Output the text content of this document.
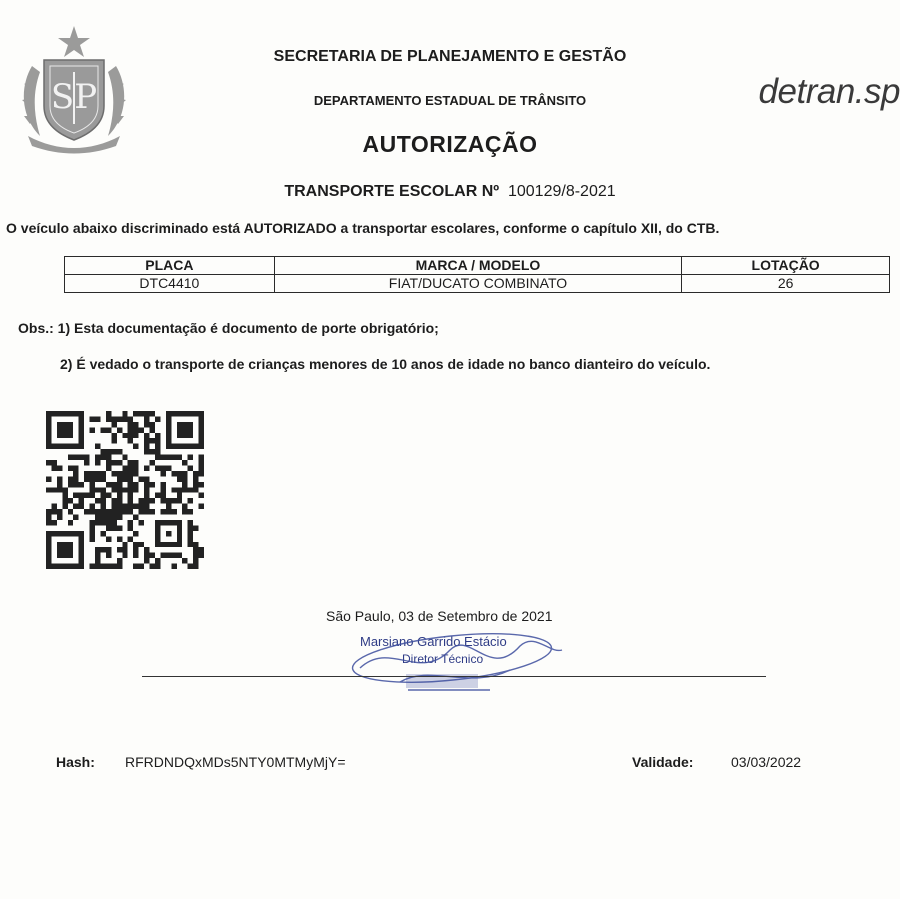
SP
SECRETARIA DE PLANEJAMENTO E GESTÃO
DEPARTAMENTO ESTADUAL DE TRÂNSITO
AUTORIZAÇÃO
detran.sp
TRANSPORTE ESCOLAR Nº 100129/8-2021
O veículo abaixo discriminado está AUTORIZADO a transportar escolares, conforme o capítulo XII, do CTB.
PLACA	MARCA / MODELO	LOTAÇÃO
DTC4410	FIAT/DUCATO COMBINATO	26
Obs.: 1) Esta documentação é documento de porte obrigatório;
2) É vedado o transporte de crianças menores de 10 anos de idade no banco dianteiro do veículo.
São Paulo, 03 de Setembro de 2021
Marsiano Garrido Estácio
Diretor Técnico
Hash: RFRDNDQxMDs5NTY0MTMyMjY=	Validade:	03/03/2022
